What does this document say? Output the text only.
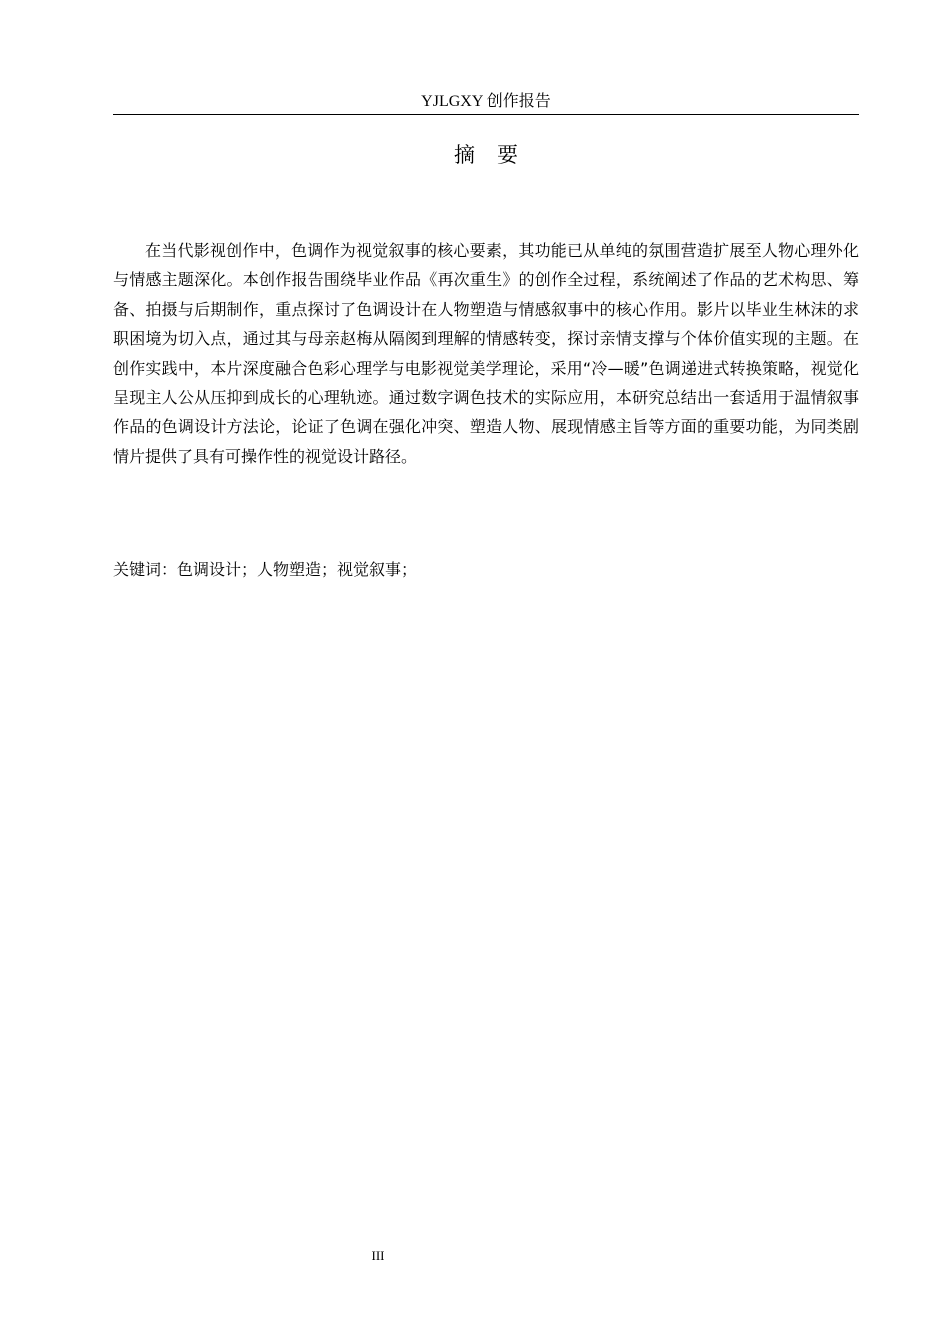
YJLGXY 创作报告
摘 要

在当代影视创作中，色调作为视觉叙事的核心要素，其功能已从单纯的氛围营造扩展至人物心理外化与情感主题深化。本创作报告围绕毕业作品《再次重生》的创作全过程，系统阐述了作品的艺术构思、筹备、拍摄与后期制作，重点探讨了色调设计在人物塑造与情感叙事中的核心作用。影片以毕业生林沫的求职困境为切入点，通过其与母亲赵梅从隔阂到理解的情感转变，探讨亲情支撑与个体价值实现的主题。在创作实践中，本片深度融合色彩心理学与电影视觉美学理论，采用“冷—暖”色调递进式转换策略，视觉化呈现主人公从压抑到成长的心理轨迹。通过数字调色技术的实际应用，本研究总结出一套适用于温情叙事作品的色调设计方法论，论证了色调在强化冲突、塑造人物、展现情感主旨等方面的重要功能，为同类剧情片提供了具有可操作性的视觉设计路径。

关键词：色调设计；人物塑造；视觉叙事；

III
